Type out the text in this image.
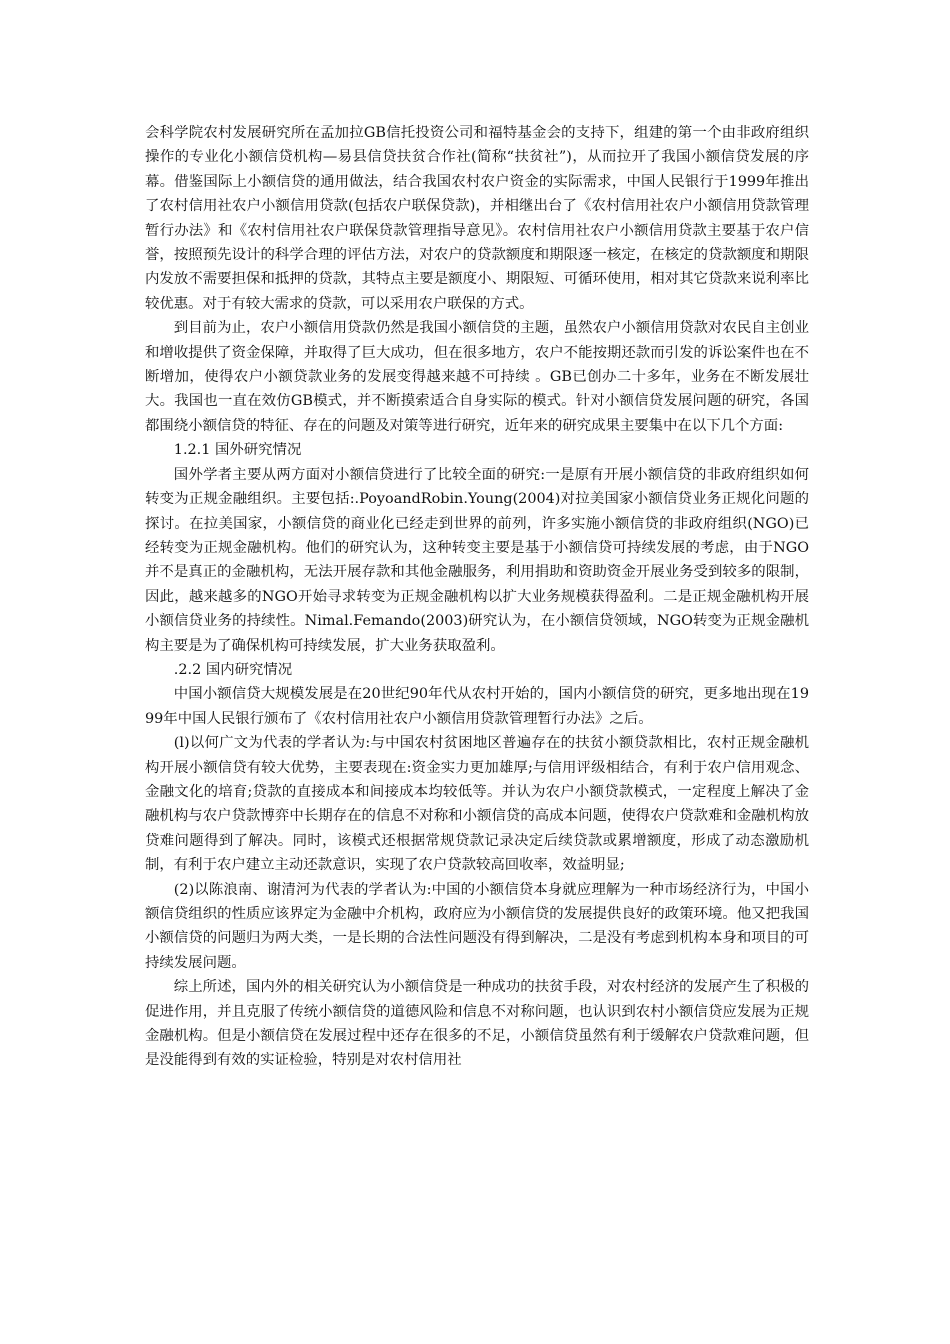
会科学院农村发展研究所在孟加拉GB信托投资公司和福特基金会的支持下，组建的第一个由非政府组织操作的专业化小额信贷机构—易县信贷扶贫合作社(简称“扶贫社”)，从而拉开了我国小额信贷发展的序幕。借鉴国际上小额信贷的通用做法，结合我国农村农户资金的实际需求，中国人民银行于1999年推出了农村信用社农户小额信用贷款(包括农户联保贷款)，并相继出台了《农村信用社农户小额信用贷款管理暂行办法》和《农村信用社农户联保贷款管理指导意见》。农村信用社农户小额信用贷款主要基于农户信誉，按照预先设计的科学合理的评估方法，对农户的贷款额度和期限逐一核定，在核定的贷款额度和期限内发放不需要担保和抵押的贷款，其特点主要是额度小、期限短、可循环使用，相对其它贷款来说利率比较优惠。对于有较大需求的贷款，可以采用农户联保的方式。

到目前为止，农户小额信用贷款仍然是我国小额信贷的主题，虽然农户小额信用贷款对农民自主创业和增收提供了资金保障，并取得了巨大成功，但在很多地方，农户不能按期还款而引发的诉讼案件也在不断增加，使得农户小额贷款业务的发展变得越来越不可持续 。GB已创办二十多年，业务在不断发展壮大。我国也一直在效仿GB模式，并不断摸索适合自身实际的模式。针对小额信贷发展问题的研究，各国都围绕小额信贷的特征、存在的问题及对策等进行研究，近年来的研究成果主要集中在以下几个方面:

1.2.1 国外研究情况

国外学者主要从两方面对小额信贷进行了比较全面的研究:一是原有开展小额信贷的非政府组织如何转变为正规金融组织。主要包括:.PoyoandRobin.Young(2004)对拉美国家小额信贷业务正规化问题的探讨。在拉美国家，小额信贷的商业化已经走到世界的前列，许多实施小额信贷的非政府组织(NGO)已经转变为正规金融机构。他们的研究认为，这种转变主要是基于小额信贷可持续发展的考虑，由于NGO并不是真正的金融机构，无法开展存款和其他金融服务，利用捐助和资助资金开展业务受到较多的限制，因此，越来越多的NGO开始寻求转变为正规金融机构以扩大业务规模获得盈利。二是正规金融机构开展小额信贷业务的持续性。Nimal.Femando(2003)研究认为，在小额信贷领域，NGO转变为正规金融机构主要是为了确保机构可持续发展，扩大业务获取盈利。

.2.2 国内研究情况

中国小额信贷大规模发展是在20世纪90年代从农村开始的，国内小额信贷的研究，更多地出现在1999年中国人民银行颁布了《农村信用社农户小额信用贷款管理暂行办法》之后。

(l)以何广文为代表的学者认为:与中国农村贫困地区普遍存在的扶贫小额贷款相比，农村正规金融机构开展小额信贷有较大优势，主要表现在:资金实力更加雄厚;与信用评级相结合，有利于农户信用观念、金融文化的培育;贷款的直接成本和间接成本均较低等。并认为农户小额贷款模式，一定程度上解决了金融机构与农户贷款博弈中长期存在的信息不对称和小额信贷的高成本问题，使得农户贷款难和金融机构放贷难问题得到了解决。同时，该模式还根据常规贷款记录决定后续贷款或累增额度，形成了动态激励机制，有利于农户建立主动还款意识，实现了农户贷款较高回收率，效益明显;

(2)以陈浪南、谢清河为代表的学者认为:中国的小额信贷本身就应理解为一种市场经济行为，中国小额信贷组织的性质应该界定为金融中介机构，政府应为小额信贷的发展提供良好的政策环境。他又把我国小额信贷的问题归为两大类，一是长期的合法性问题没有得到解决，二是没有考虑到机构本身和项目的可持续发展问题。

综上所述，国内外的相关研究认为小额信贷是一种成功的扶贫手段，对农村经济的发展产生了积极的促进作用，并且克服了传统小额信贷的道德风险和信息不对称问题，也认识到农村小额信贷应发展为正规金融机构。但是小额信贷在发展过程中还存在很多的不足，小额信贷虽然有利于缓解农户贷款难问题，但是没能得到有效的实证检验，特别是对农村信用社
